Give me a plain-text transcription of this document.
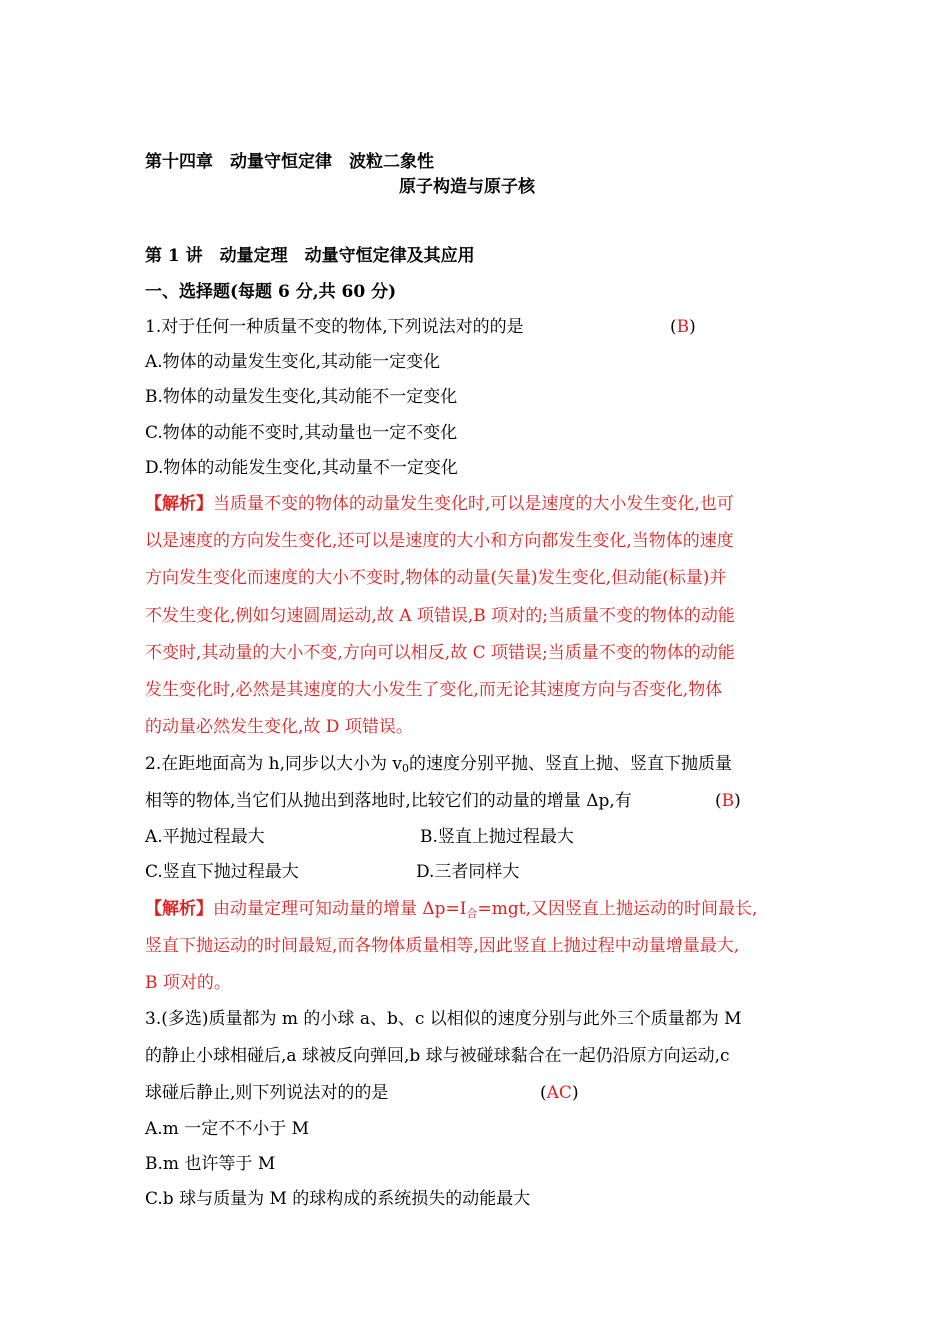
第十四章　动量守恒定律　波粒二象性
原子构造与原子核
第 1 讲　动量定理　动量守恒定律及其应用
一、选择题(每题 6 分,共 60 分)
1.对于任何一种质量不变的物体,下列说法对的的是	(B)
A.物体的动量发生变化,其动能一定变化
B.物体的动量发生变化,其动能不一定变化
C.物体的动能不变时,其动量也一定不变化
D.物体的动能发生变化,其动量不一定变化
【解析】当质量不变的物体的动量发生变化时,可以是速度的大小发生变化,也可
以是速度的方向发生变化,还可以是速度的大小和方向都发生变化,当物体的速度
方向发生变化而速度的大小不变时,物体的动量(矢量)发生变化,但动能(标量)并
不发生变化,例如匀速圆周运动,故 A 项错误,B 项对的;当质量不变的物体的动能
不变时,其动量的大小不变,方向可以相反,故 C 项错误;当质量不变的物体的动能
发生变化时,必然是其速度的大小发生了变化,而无论其速度方向与否变化,物体
的动量必然发生变化,故 D 项错误。
2.在距地面高为 h,同步以大小为 $v_0$的速度分别平抛、竖直上抛、竖直下抛质量
相等的物体,当它们从抛出到落地时,比较它们的动量的增量 Δp,有	(B)
A.平抛过程最大	B.竖直上抛过程最大
C.竖直下抛过程最大	D.三者同样大
【解析】由动量定理可知动量的增量 $\Delta p=I_合=mgt$,又因竖直上抛运动的时间最长,
竖直下抛运动的时间最短,而各物体质量相等,因此竖直上抛过程中动量增量最大,
B 项对的。
3.(多选)质量都为 m 的小球 a、b、c 以相似的速度分别与此外三个质量都为 M
的静止小球相碰后,a 球被反向弹回,b 球与被碰球黏合在一起仍沿原方向运动,c
球碰后静止,则下列说法对的的是	(AC)
A.m 一定不不小于 M
B.m 也许等于 M
C.b 球与质量为 M 的球构成的系统损失的动能最大
